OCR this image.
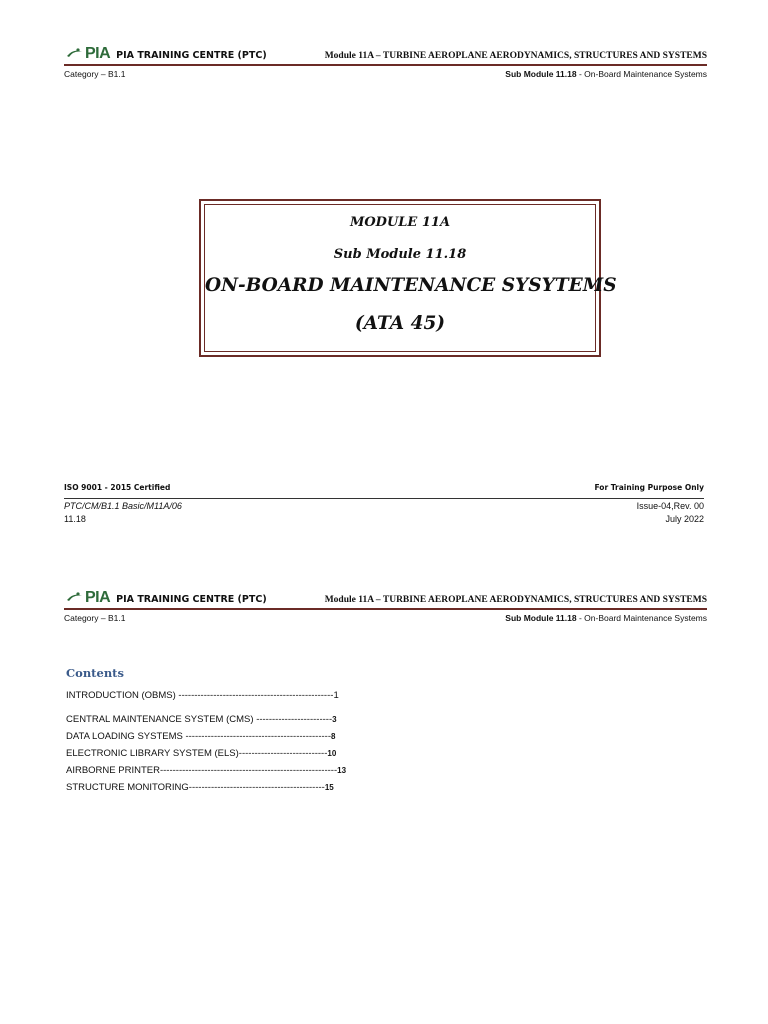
PIA PIA TRAINING CENTRE (PTC)	Module 11A – TURBINE AEROPLANE AERODYNAMICS, STRUCTURES AND SYSTEMS
Category – B1.1	Sub Module 11.18 - On-Board Maintenance Systems
MODULE 11A
Sub Module 11.18
ON-BOARD MAINTENANCE SYSYTEMS
(ATA 45)
ISO 9001 - 2015 Certified	For Training Purpose Only
PTC/CM/B1.1 Basic/M11A/06	Issue-04,Rev. 00
11.18	July 2022
PIA PIA TRAINING CENTRE (PTC)	Module 11A – TURBINE AEROPLANE AERODYNAMICS, STRUCTURES AND SYSTEMS
Category – B1.1	Sub Module 11.18 - On-Board Maintenance Systems
Contents
INTRODUCTION (OBMS) ------------------------------------------------- 1
CENTRAL MAINTENANCE SYSTEM (CMS) ------------------------ 3
DATA LOADING SYSTEMS ---------------------------------------------- 8
ELECTRONIC LIBRARY SYSTEM (ELS)---------------------------- 10
AIRBORNE PRINTER-------------------------------------------------------- 13
STRUCTURE MONITORING------------------------------------------- 15
